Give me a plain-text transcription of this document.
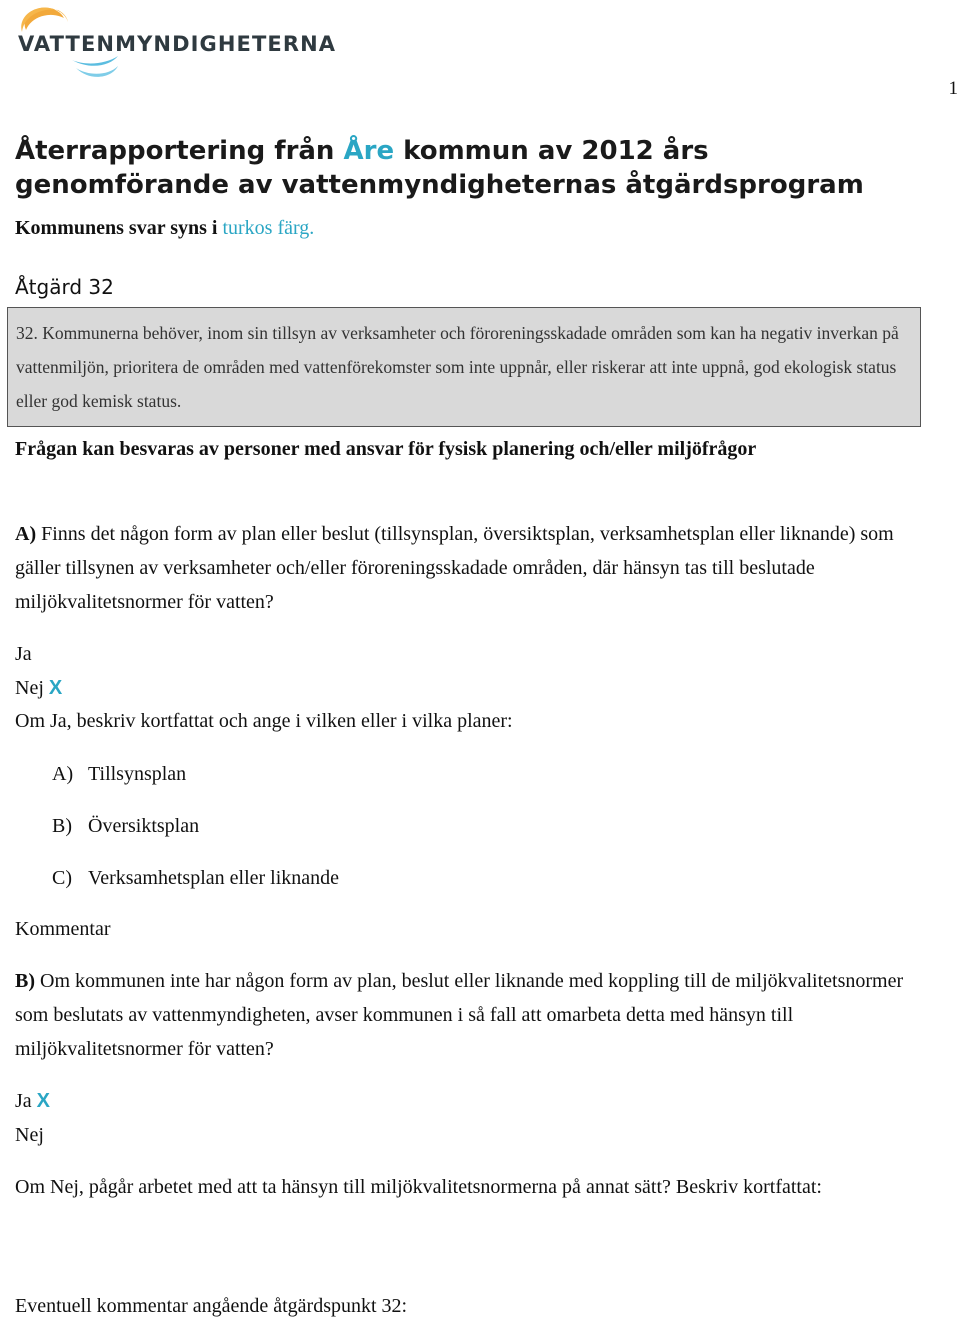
VATTENMYNDIGHETERNA
1
Återrapportering från Åre kommun av 2012 års
genomförande av vattenmyndigheternas åtgärdsprogram
Kommunens svar syns i turkos färg.
Åtgärd 32
32. Kommunerna behöver, inom sin tillsyn av verksamheter och föroreningsskadade områden som kan ha negativ inverkan på vattenmiljön, prioritera de områden med vattenförekomster som inte uppnår, eller riskerar att inte uppnå, god ekologisk status eller god kemisk status.
Frågan kan besvaras av personer med ansvar för fysisk planering och/eller miljöfrågor
A) Finns det någon form av plan eller beslut (tillsynsplan, översiktsplan, verksamhetsplan eller liknande) som gäller tillsynen av verksamheter och/eller föroreningsskadade områden, där hänsyn tas till beslutade miljökvalitetsnormer för vatten?
Ja
Nej X
Om Ja, beskriv kortfattat och ange i vilken eller i vilka planer:
A) Tillsynsplan
B) Översiktsplan
C) Verksamhetsplan eller liknande
Kommentar
B) Om kommunen inte har någon form av plan, beslut eller liknande med koppling till de miljökvalitetsnormer som beslutats av vattenmyndigheten, avser kommunen i så fall att omarbeta detta med hänsyn till miljökvalitetsnormer för vatten?
Ja X
Nej
Om Nej, pågår arbetet med att ta hänsyn till miljökvalitetsnormerna på annat sätt? Beskriv kortfattat:
Eventuell kommentar angående åtgärdspunkt 32:
